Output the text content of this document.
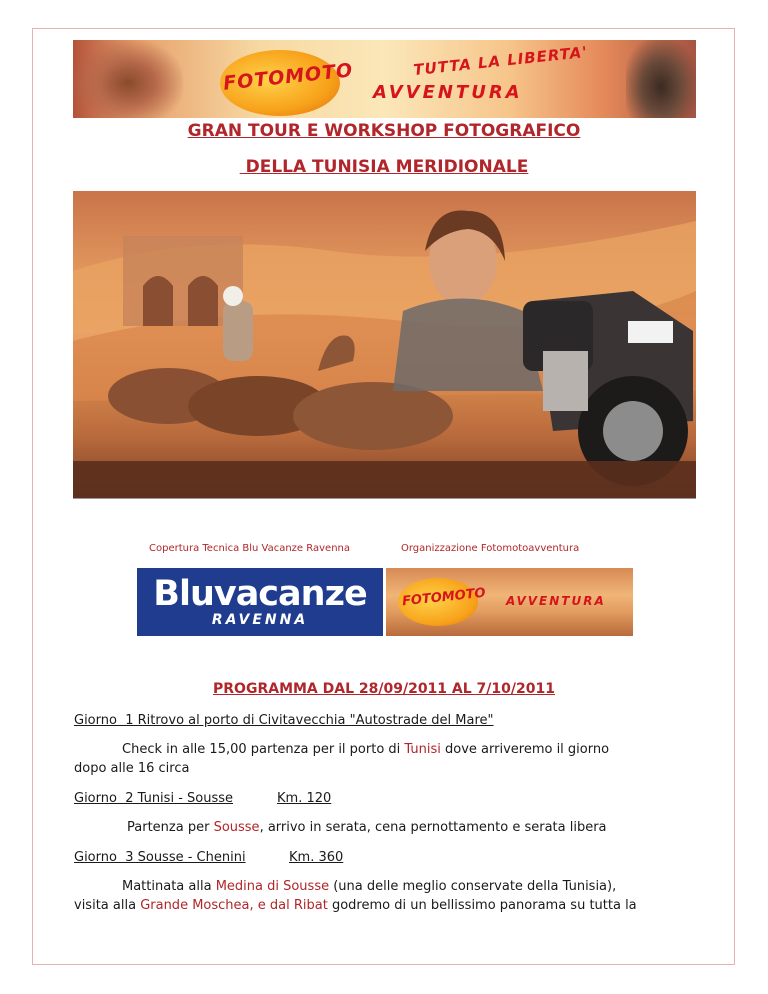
FOTOMOTO	TUTTA LA LIBERTA'
AVVENTURA
GRAN TOUR E WORKSHOP FOTOGRAFICO
DELLA TUNISIA MERIDIONALE
Copertura Tecnica Blu Vacanze Ravenna	Organizzazione Fotomotoavventura
Bluvacanze
RAVENNA
FOTOMOTO AVVENTURA
PROGRAMMA DAL 28/09/2011 AL 7/10/2011
Giorno  1 Ritrovo al porto di Civitavecchia "Autostrade del Mare"
Check in alle 15,00 partenza per il porto di Tunisi dove arriveremo il giorno
dopo alle 16 circa
Giorno  2 Tunisi - Sousse	Km. 120
Partenza per Sousse, arrivo in serata, cena pernottamento e serata libera
Giorno  3 Sousse - Chenini	Km. 360
Mattinata alla Medina di Sousse (una delle meglio conservate della Tunisia),
visita alla Grande Moschea, e dal Ribat godremo di un bellissimo panorama su tutta la
